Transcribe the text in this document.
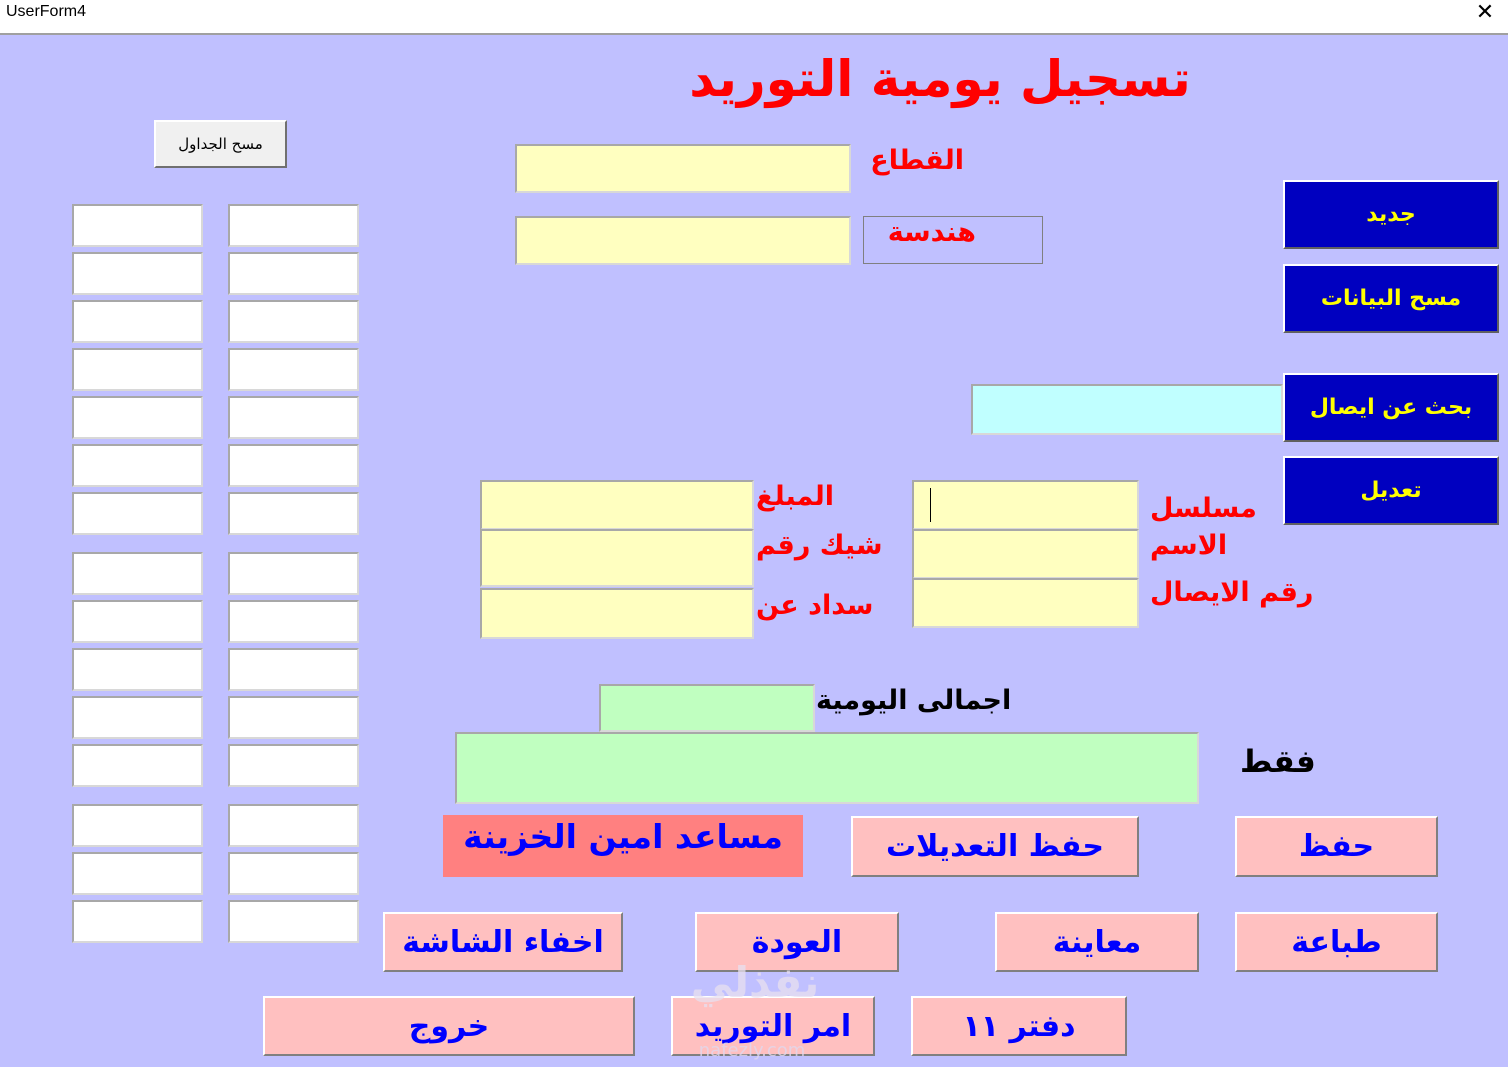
UserForm4	✕
تسجيل يومية التوريد
مسح الجداول
القطاع
هندسة
جديد
مسح البيانات
بحث عن ايصال
تعديل
المبلغ
شيك رقم
سداد عن
مسلسل
الاسم
رقم الايصال
اجمالى اليومية
فقط
مساعد امين الخزينة	حفظ التعديلات	حفظ
اخفاء الشاشة	العودة	معاينة	طباعة
خروج	امر التوريد	دفتر ١١
نفذلي
nafezly.com
